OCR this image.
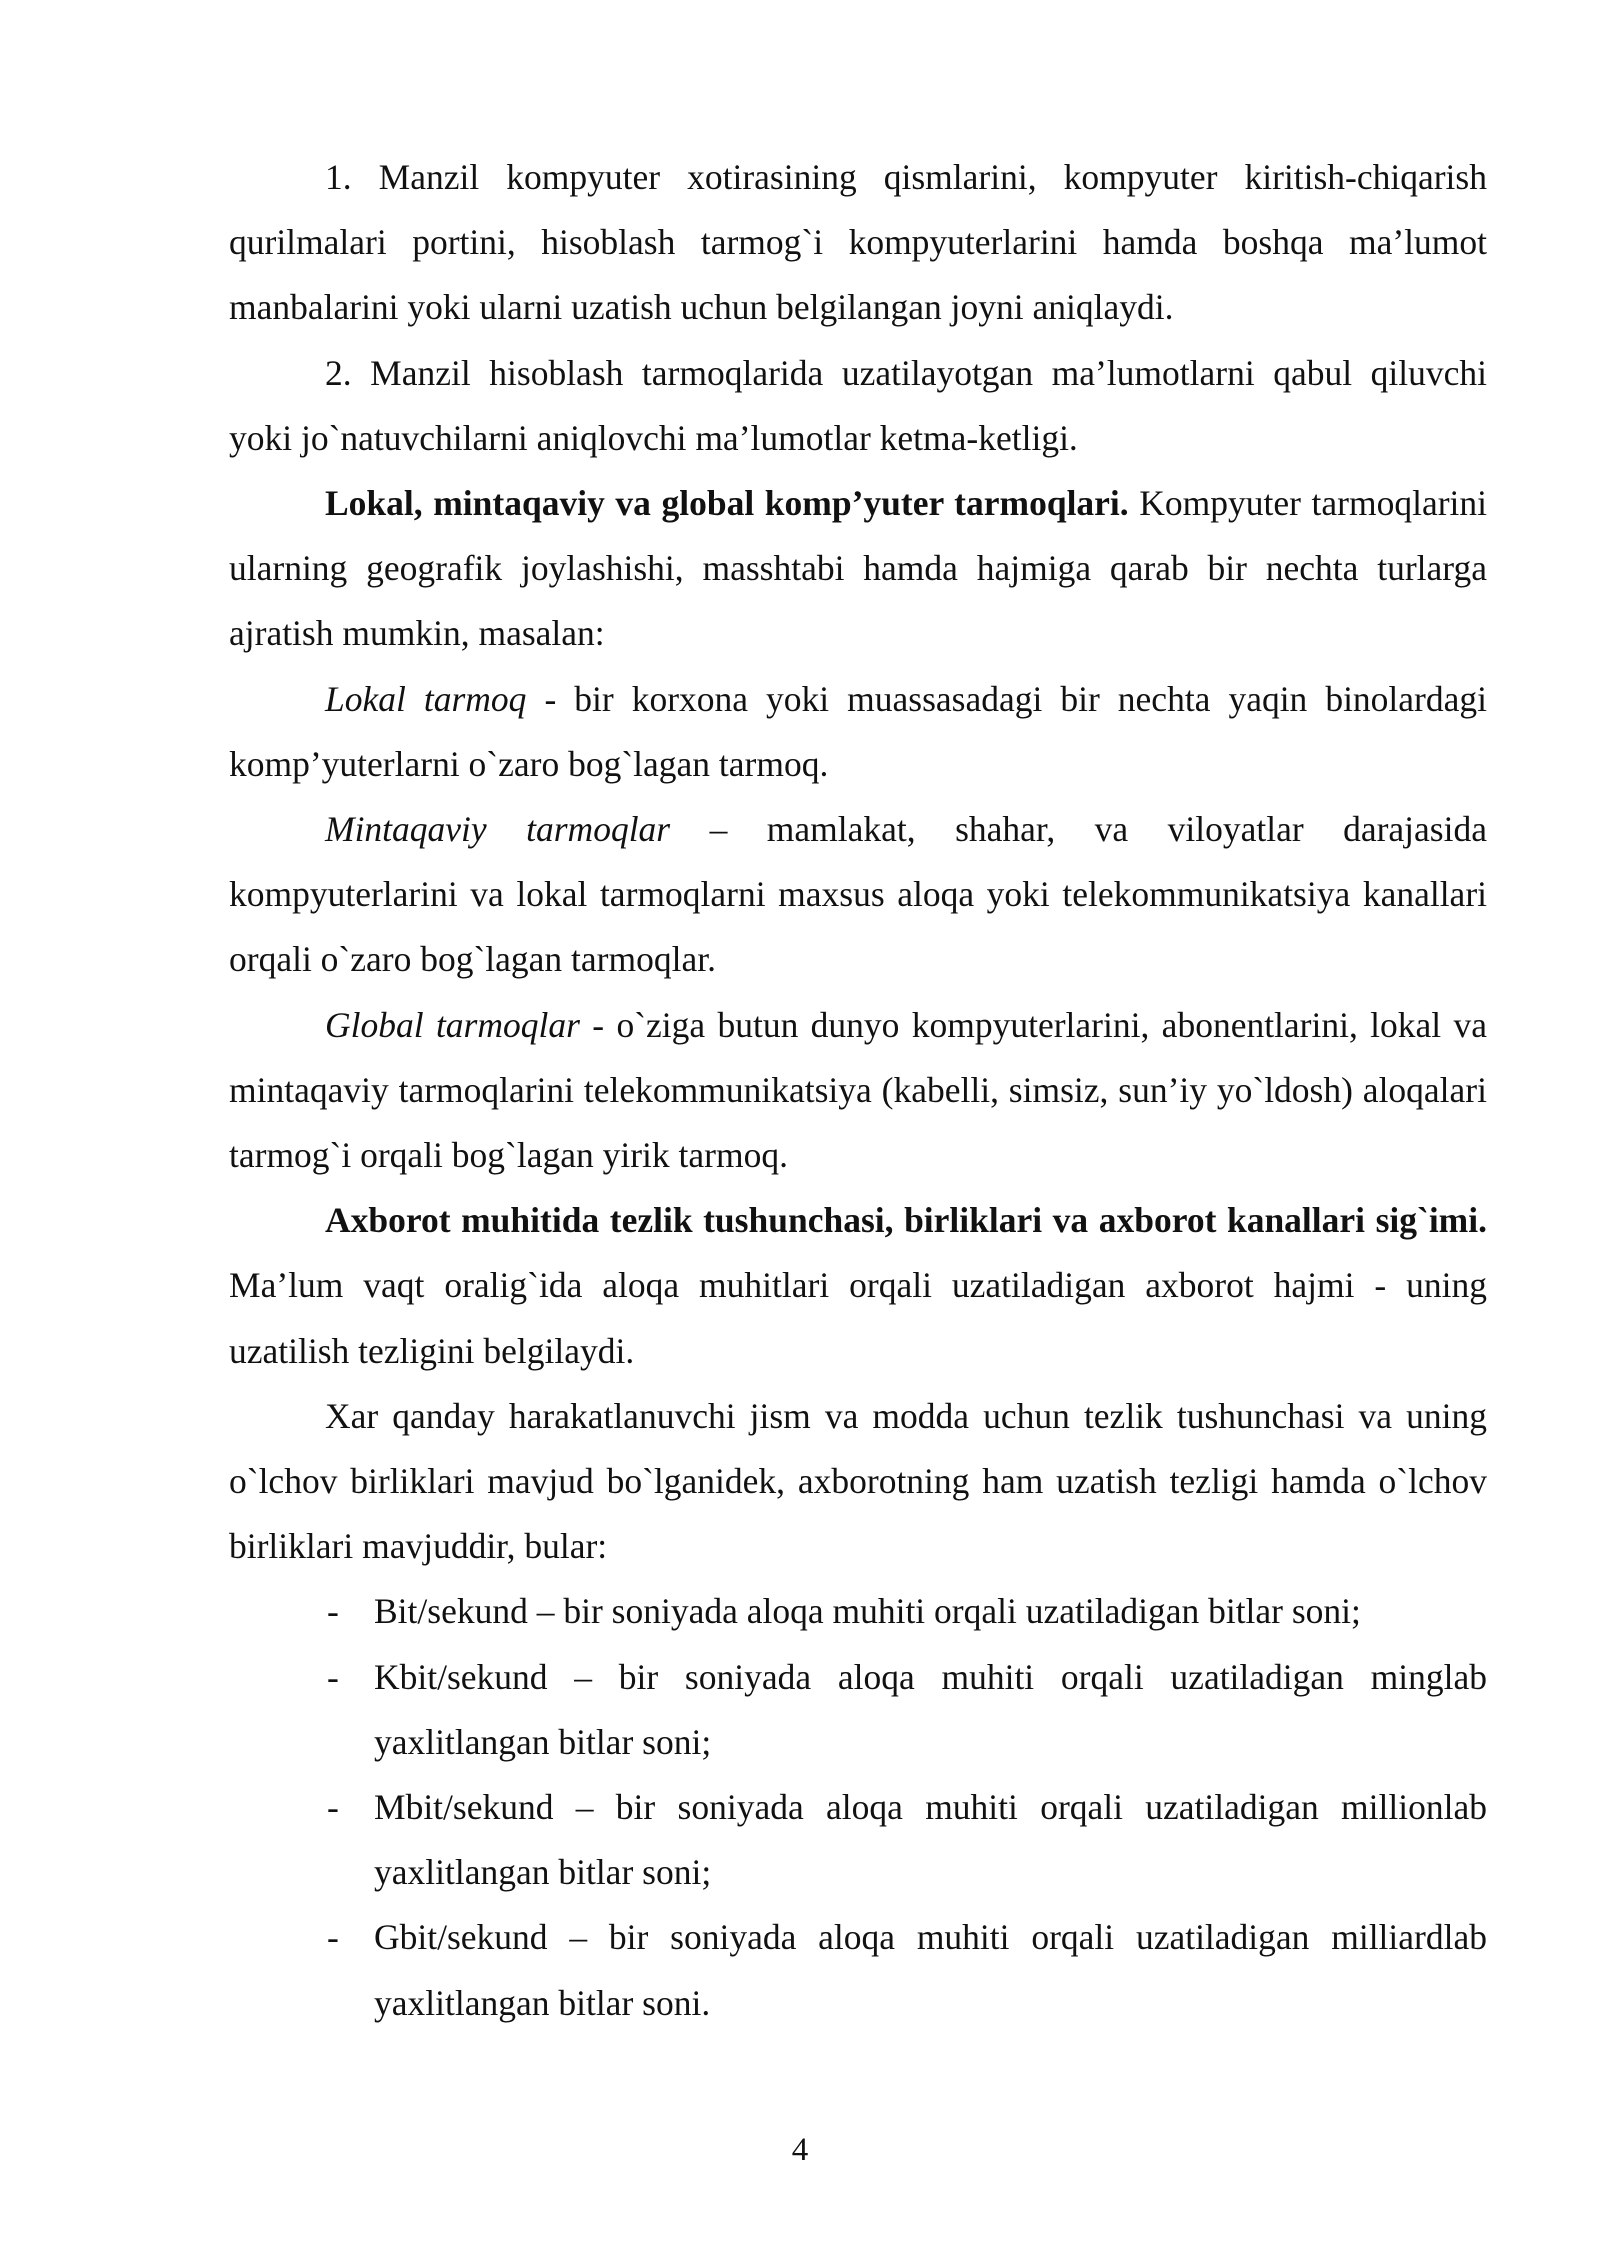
1. Manzil kompyuter xotirasining qismlarini, kompyuter kiritish-chiqarish qurilmalari portini, hisoblash tarmog`i kompyuterlarini hamda boshqa ma’lumot manbalarini yoki ularni uzatish uchun belgilangan joyni aniqlaydi.

2. Manzil hisoblash tarmoqlarida uzatilayotgan ma’lumotlarni qabul qiluvchi yoki jo`natuvchilarni aniqlovchi ma’lumotlar ketma-ketligi.

Lokal, mintaqaviy va global komp’yuter tarmoqlari. Kompyuter tarmoqlarini ularning geografik joylashishi, masshtabi hamda hajmiga qarab bir nechta turlarga ajratish mumkin, masalan:

Lokal tarmoq - bir korxona yoki muassasadagi bir nechta yaqin binolardagi komp’yuterlarni o`zaro bog`lagan tarmoq.

Mintaqaviy tarmoqlar – mamlakat, shahar, va viloyatlar darajasida kompyuterlarini va lokal tarmoqlarni maxsus aloqa yoki telekommunikatsiya kanallari orqali o`zaro bog`lagan tarmoqlar.

Global tarmoqlar - o`ziga butun dunyo kompyuterlarini, abonentlarini, lokal va mintaqaviy tarmoqlarini telekommunikatsiya (kabelli, simsiz, sun’iy yo`ldosh) aloqalari tarmog`i orqali bog`lagan yirik tarmoq.

Axborot muhitida tezlik tushunchasi, birliklari va axborot kanallari sig`imi. Ma’lum vaqt oralig`ida aloqa muhitlari orqali uzatiladigan axborot hajmi - uning uzatilish tezligini belgilaydi.

Xar qanday harakatlanuvchi jism va modda uchun tezlik tushunchasi va uning o`lchov birliklari mavjud bo`lganidek, axborotning ham uzatish tezligi hamda o`lchov birliklari mavjuddir, bular:

- Bit/sekund – bir soniyada aloqa muhiti orqali uzatiladigan bitlar soni;
- Kbit/sekund – bir soniyada aloqa muhiti orqali uzatiladigan minglab yaxlitlangan bitlar soni;
- Mbit/sekund – bir soniyada aloqa muhiti orqali uzatiladigan millionlab yaxlitlangan bitlar soni;
- Gbit/sekund – bir soniyada aloqa muhiti orqali uzatiladigan milliardlab yaxlitlangan bitlar soni.
4
